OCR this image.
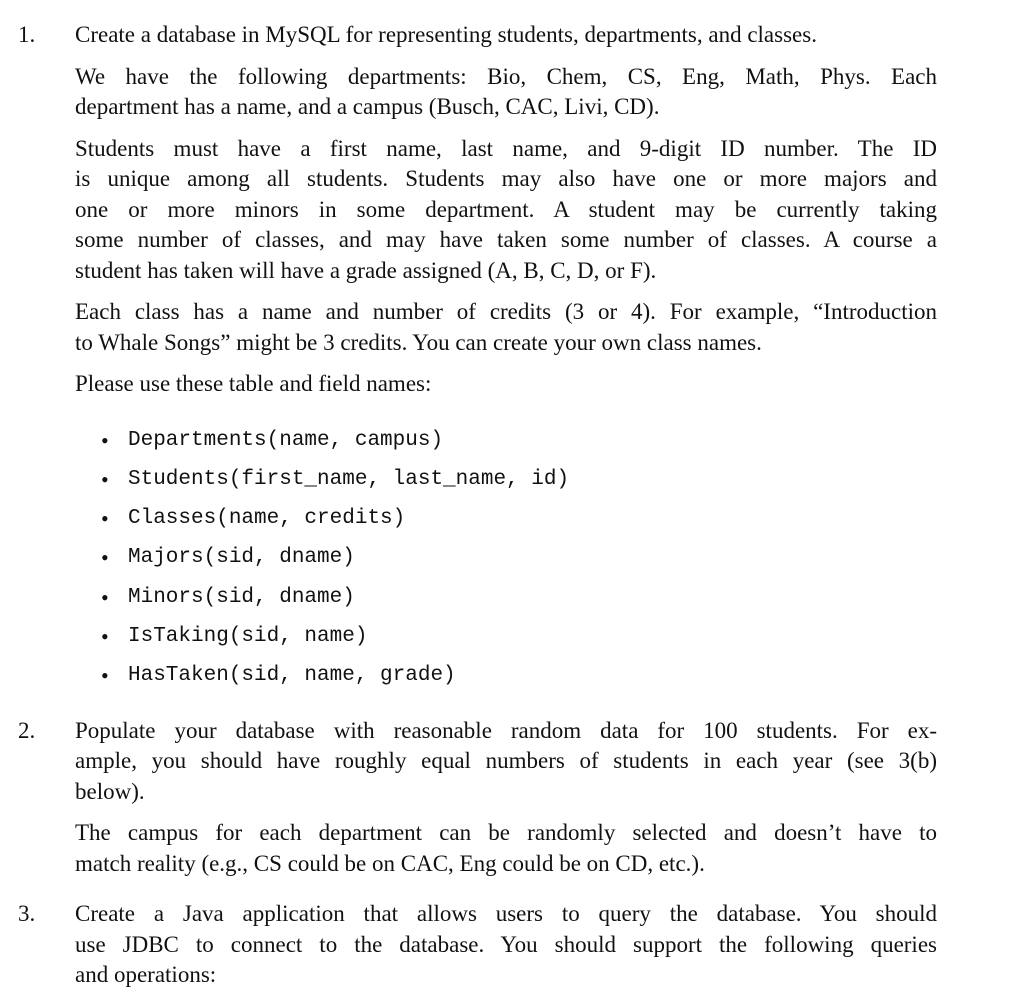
1. Create a database in MySQL for representing students, departments, and classes.
We have the following departments: Bio, Chem, CS, Eng, Math, Phys. Each
department has a name, and a campus (Busch, CAC, Livi, CD).
Students must have a first name, last name, and 9-digit ID number. The ID
is unique among all students. Students may also have one or more majors and
one or more minors in some department. A student may be currently taking
some number of classes, and may have taken some number of classes. A course a
student has taken will have a grade assigned (A, B, C, D, or F).
Each class has a name and number of credits (3 or 4). For example, “Introduction
to Whale Songs” might be 3 credits. You can create your own class names.
Please use these table and field names:
• Departments(name, campus)
• Students(first_name, last_name, id)
• Classes(name, credits)
• Majors(sid, dname)
• Minors(sid, dname)
• IsTaking(sid, name)
• HasTaken(sid, name, grade)
2. Populate your database with reasonable random data for 100 students. For ex-
ample, you should have roughly equal numbers of students in each year (see 3(b)
below).
The campus for each department can be randomly selected and doesn’t have to
match reality (e.g., CS could be on CAC, Eng could be on CD, etc.).
3. Create a Java application that allows users to query the database. You should
use JDBC to connect to the database. You should support the following queries
and operations:
